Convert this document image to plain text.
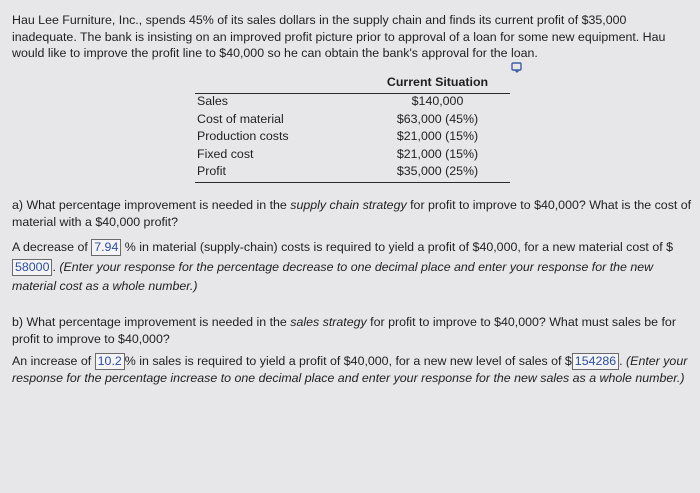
Hau Lee Furniture, Inc., spends 45% of its sales dollars in the supply chain and finds its current profit of $35,000 inadequate. The bank is insisting on an improved profit picture prior to approval of a loan for some new equipment. Hau would like to improve the profit line to $40,000 so he can obtain the bank's approval for the loan.
Current Situation
Sales	$140,000
Cost of material	$63,000 (45%)
Production costs	$21,000 (15%)
Fixed cost	$21,000 (15%)
Profit	$35,000 (25%)
a) What percentage improvement is needed in the supply chain strategy for profit to improve to $40,000? What is the cost of material with a $40,000 profit?
A decrease of 7.94 % in material (supply-chain) costs is required to yield a profit of $40,000, for a new material cost of $ 58000 . (Enter your response for the percentage decrease to one decimal place and enter your response for the new material cost as a whole number.)
b) What percentage improvement is needed in the sales strategy for profit to improve to $40,000? What must sales be for profit to improve to $40,000?
An increase of 10.2 % in sales is required to yield a profit of $40,000, for a new new level of sales of $ 154286 . (Enter your response for the percentage increase to one decimal place and enter your response for the new sales as a whole number.)
